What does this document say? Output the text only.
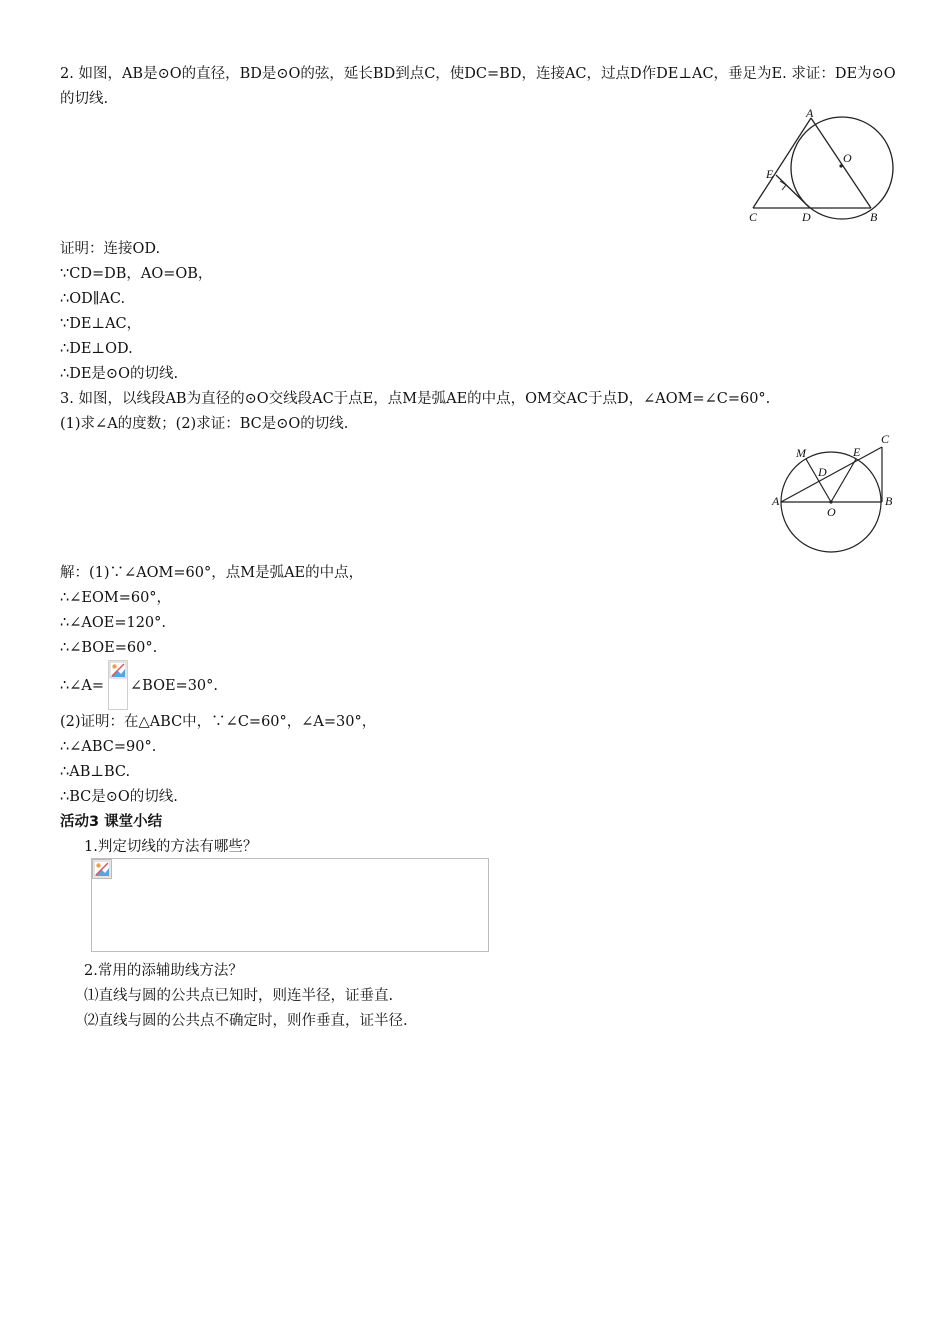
2. 如图，AB是⊙O的直径，BD是⊙O的弦，延长BD到点C，使DC=BD，连接AC，过点D作DE⊥AC，垂足为E. 求证：DE为⊙O的切线.
A
O
E
C	D	B
证明：连接OD.
∵CD=DB，AO=OB，
∴OD∥AC.
∵DE⊥AC，
∴DE⊥OD.
∴DE是⊙O的切线.
3. 如图，以线段AB为直径的⊙O交线段AC于点E，点M是弧AE的中点，OM交AC于点D，∠AOM=∠C=60°.
(1)求∠A的度数；(2)求证：BC是⊙O的切线.
M	E
C
D
A
O
B
解：(1)∵∠AOM=60°，点M是弧AE的中点，
∴∠EOM=60°，
∴∠AOE=120°.
∴∠BOE=60°.
∴∠A= ∠BOE=30°.
(2)证明：在△ABC中，∵∠C=60°，∠A=30°，
∴∠ABC=90°.
∴AB⊥BC.
∴BC是⊙O的切线.
活动3 课堂小结
1.判定切线的方法有哪些？
2.常用的添辅助线方法？
⑴直线与圆的公共点已知时，则连半径，证垂直.
⑵直线与圆的公共点不确定时，则作垂直，证半径.
